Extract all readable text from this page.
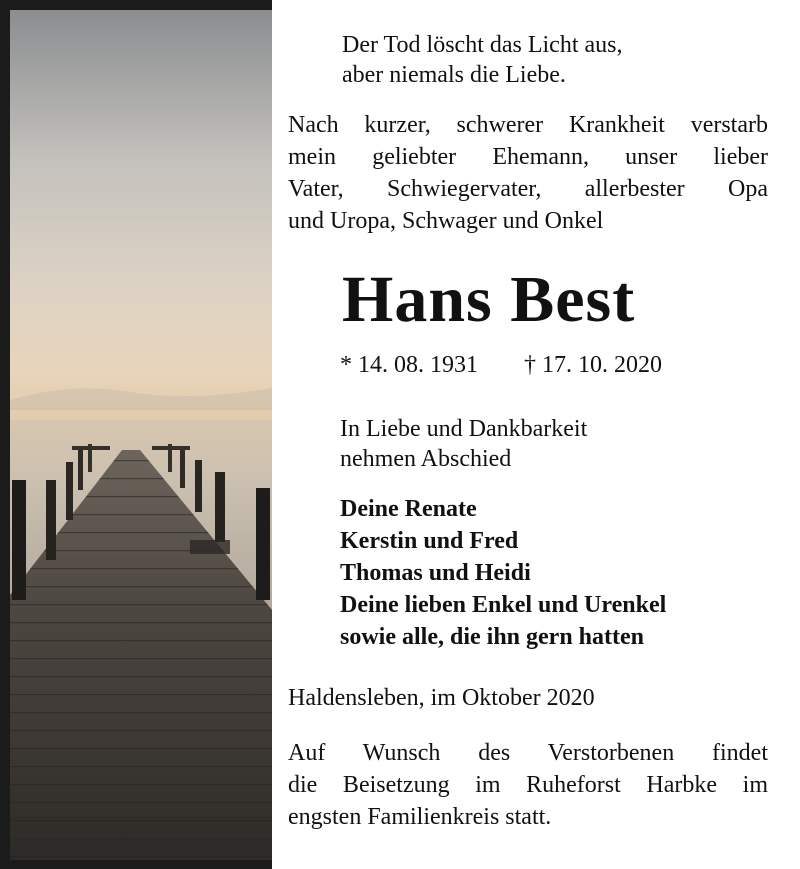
Der Tod löscht das Licht aus,
aber niemals die Liebe.
Nach kurzer, schwerer Krankheit verstarb
mein geliebter Ehemann, unser lieber
Vater, Schwiegervater, allerbester Opa
und Uropa, Schwager und Onkel
Hans Best
* 14. 08. 1931 † 17. 10. 2020
In Liebe und Dankbarkeit
nehmen Abschied
Deine Renate
Kerstin und Fred
Thomas und Heidi
Deine lieben Enkel und Urenkel
sowie alle, die ihn gern hatten
Haldensleben, im Oktober 2020
Auf Wunsch des Verstorbenen findet
die Beisetzung im Ruheforst Harbke im
engsten Familienkreis statt.
